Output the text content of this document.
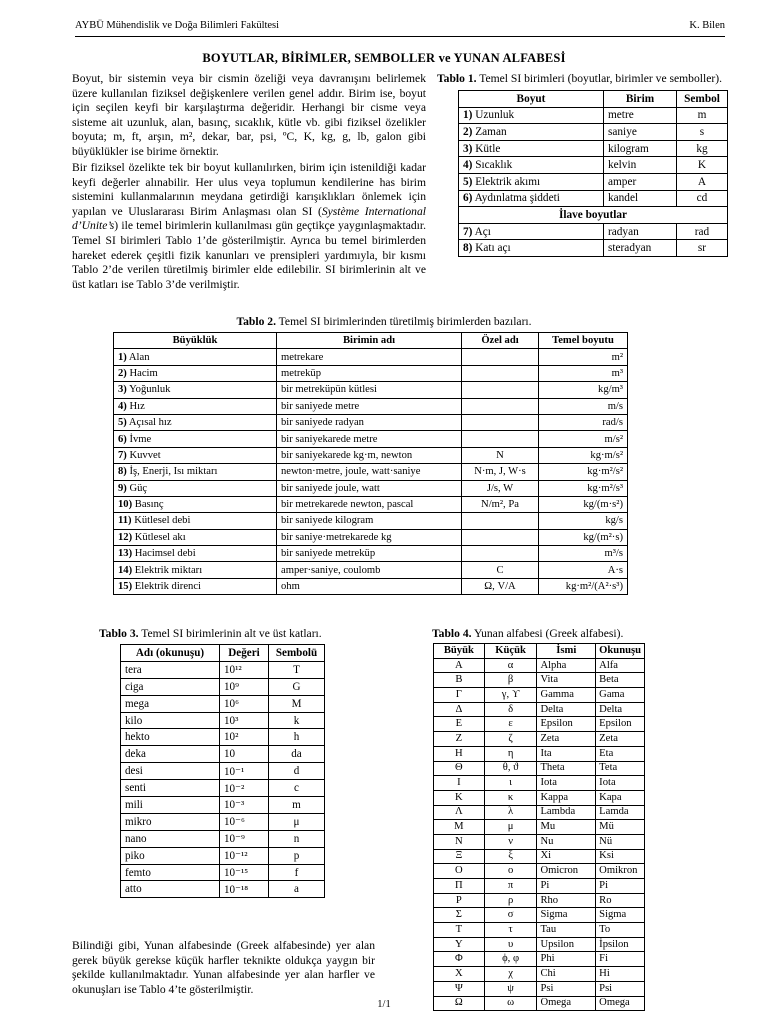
AYBÜ Mühendislik ve Doğa Bilimleri Fakültesi	K. Bilen
BOYUTLAR, BİRİMLER, SEMBOLLER ve YUNAN ALFABESİ
Boyut, bir sistemin veya bir cismin özeliği veya davranışını belirlemek üzere kullanılan fiziksel değişkenlere verilen genel addır. Birim ise, boyut için seçilen keyfi bir karşılaştırma değeridir. Herhangi bir cisme veya sisteme ait uzunluk, alan, basınç, sıcaklık, kütle vb. gibi fiziksel özelikler boyuta; m, ft, arşın, m², dekar, bar, psi, ºC, K, kg, g, lb, galon gibi büyüklükler ise birime örnektir.
Bir fiziksel özelikte tek bir boyut kullanılırken, birim için istenildiği kadar keyfi değerler alınabilir. Her ulus veya toplumun kendilerine has birim sistemini kullanmalarının meydana getirdiği karışıklıkları önlemek için yapılan ve Uluslararası Birim Anlaşması olan SI (Système International d’Unite’s) ile temel birimlerin kullanılması gün geçtikçe yaygınlaşmaktadır. Temel SI birimleri Tablo 1’de gösterilmiştir. Ayrıca bu temel birimlerden hareket ederek çeşitli fizik kanunları ve prensipleri yardımıyla, bir kısmı Tablo 2’de verilen türetilmiş birimler elde edilebilir. SI birimlerinin alt ve üst katları ise Tablo 3’de verilmiştir.
Tablo 1. Temel SI birimleri (boyutlar, birimler ve semboller).
Boyut	Birim	Sembol
1) Uzunluk	metre	m
2) Zaman	saniye	s
3) Kütle	kilogram	kg
4) Sıcaklık	kelvin	K
5) Elektrik akımı	amper	A
6) Aydınlatma şiddeti	kandel	cd
İlave boyutlar		
7) Açı	radyan	rad
8) Katı açı	steradyan	sr
Tablo 2. Temel SI birimlerinden türetilmiş birimlerden bazıları.
Büyüklük	Birimin adı	Özel adı	Temel boyutu
1) Alan	metrekare		m²
2) Hacim	metreküp		m³
3) Yoğunluk	bir metreküpün kütlesi		kg/m³
4) Hız	bir saniyede metre		m/s
5) Açısal hız	bir saniyede radyan		rad/s
6) İvme	bir saniyekarede metre		m/s²
7) Kuvvet	bir saniyekarede kg·m, newton	N	kg·m/s²
8) İş, Enerji, Isı miktarı	newton·metre, joule, watt·saniye	N·m, J, W·s	kg·m²/s²
9) Güç	bir saniyede joule, watt	J/s, W	kg·m²/s³
10) Basınç	bir metrekarede newton, pascal	N/m², Pa	kg/(m·s²)
11) Kütlesel debi	bir saniyede kilogram		kg/s
12) Kütlesel akı	bir saniye·metrekarede kg		kg/(m²·s)
13) Hacimsel debi	bir saniyede metreküp		m³/s
14) Elektrik miktarı	amper·saniye, coulomb	C	A·s
15) Elektrik direnci	ohm	Ω, V/A	kg·m²/(A²·s³)
Tablo 3. Temel SI birimlerinin alt ve üst katları.
Adı (okunuşu)	Değeri	Sembolü
tera	10¹²	T
ciga	10⁹	G
mega	10⁶	M
kilo	10³	k
hekto	10²	h
deka	10	da
desi	10⁻¹	d
senti	10⁻²	c
mili	10⁻³	m
mikro	10⁻⁶	μ
nano	10⁻⁹	n
piko	10⁻¹²	p
femto	10⁻¹⁵	f
atto	10⁻¹⁸	a
Tablo 4. Yunan alfabesi (Greek alfabesi).
Büyük	Küçük	İsmi	Okunuşu
Α	α	Alpha	Alfa
Β	β	Vita	Beta
Γ	γ, ϒ	Gamma	Gama
Δ	δ	Delta	Delta
Ε	ε	Epsilon	Epsilon
Ζ	ζ	Zeta	Zeta
Η	η	Ita	Eta
Θ	θ, ϑ	Theta	Teta
Ι	ι	Iota	Iota
Κ	κ	Kappa	Kapa
Λ	λ	Lambda	Lamda
Μ	μ	Mu	Mü
Ν	ν	Nu	Nü
Ξ	ξ	Xi	Ksi
Ο	ο	Omicron	Omikron
Π	π	Pi	Pi
Ρ	ρ	Rho	Ro
Σ	σ	Sigma	Sigma
Τ	τ	Tau	To
Υ	υ	Upsilon	İpsilon
Φ	ϕ, φ	Phi	Fi
Χ	χ	Chi	Hi
Ψ	ψ	Psi	Psi
Ω	ω	Omega	Omega
Bilindiği gibi, Yunan alfabesinde (Greek alfabesinde) yer alan gerek büyük gerekse küçük harfler teknikte oldukça yaygın bir şekilde kullanılmaktadır. Yunan alfabesinde yer alan harfler ve okunuşları ise Tablo 4’te gösterilmiştir.
1/1
